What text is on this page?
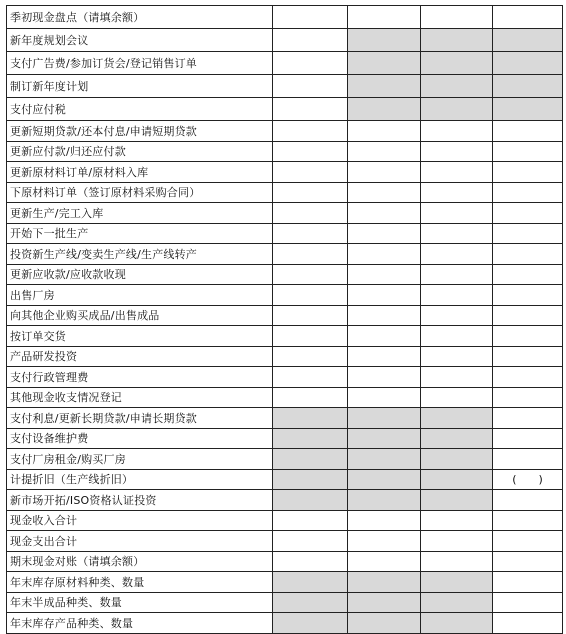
季初现金盘点（请填余额）				
新年度规划会议				
支付广告费/参加订货会/登记销售订单				
制订新年度计划				
支付应付税				
更新短期贷款/还本付息/申请短期贷款				
更新应付款/归还应付款				
更新原材料订单/原材料入库				
下原材料订单（签订原材料采购合同）				
更新生产/完工入库				
开始下一批生产				
投资新生产线/变卖生产线/生产线转产				
更新应收款/应收款收现				
出售厂房				
向其他企业购买成品/出售成品				
按订单交货				
产品研发投资				
支付行政管理费				
其他现金收支情况登记				
支付利息/更新长期贷款/申请长期贷款				
支付设备维护费				
支付厂房租金/购买厂房				
计提折旧（生产线折旧）				(　　)
新市场开拓/ISO资格认证投资				
现金收入合计				
现金支出合计				
期末现金对账（请填余额）				
年末库存原材料种类、数量				
年末半成品种类、数量				
年末库存产品种类、数量				
